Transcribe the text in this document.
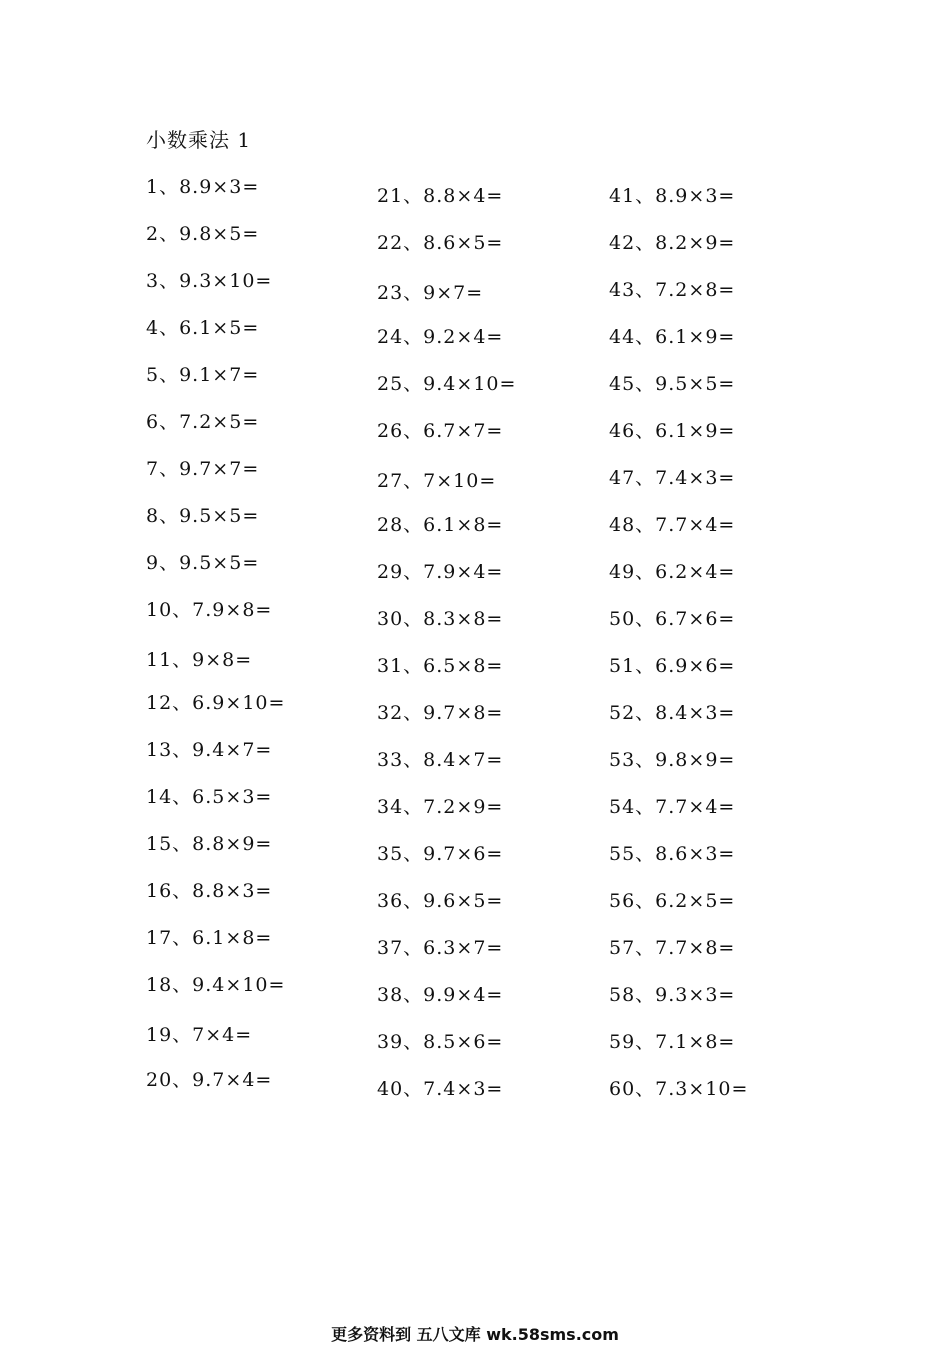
小数乘法 1
1、8.9×3=
2、9.8×5=
3、9.3×10=
4、6.1×5=
5、9.1×7=
6、7.2×5=
7、9.7×7=
8、9.5×5=
9、9.5×5=
10、7.9×8=
11、9×8=
12、6.9×10=
13、9.4×7=
14、6.5×3=
15、8.8×9=
16、8.8×3=
17、6.1×8=
18、9.4×10=
19、7×4=
20、9.7×4=
21、8.8×4=
22、8.6×5=
23、9×7=
24、9.2×4=
25、9.4×10=
26、6.7×7=
27、7×10=
28、6.1×8=
29、7.9×4=
30、8.3×8=
31、6.5×8=
32、9.7×8=
33、8.4×7=
34、7.2×9=
35、9.7×6=
36、9.6×5=
37、6.3×7=
38、9.9×4=
39、8.5×6=
40、7.4×3=
41、8.9×3=
42、8.2×9=
43、7.2×8=
44、6.1×9=
45、9.5×5=
46、6.1×9=
47、7.4×3=
48、7.7×4=
49、6.2×4=
50、6.7×6=
51、6.9×6=
52、8.4×3=
53、9.8×9=
54、7.7×4=
55、8.6×3=
56、6.2×5=
57、7.7×8=
58、9.3×3=
59、7.1×8=
60、7.3×10=
更多资料到 五八文库 wk.58sms.com
